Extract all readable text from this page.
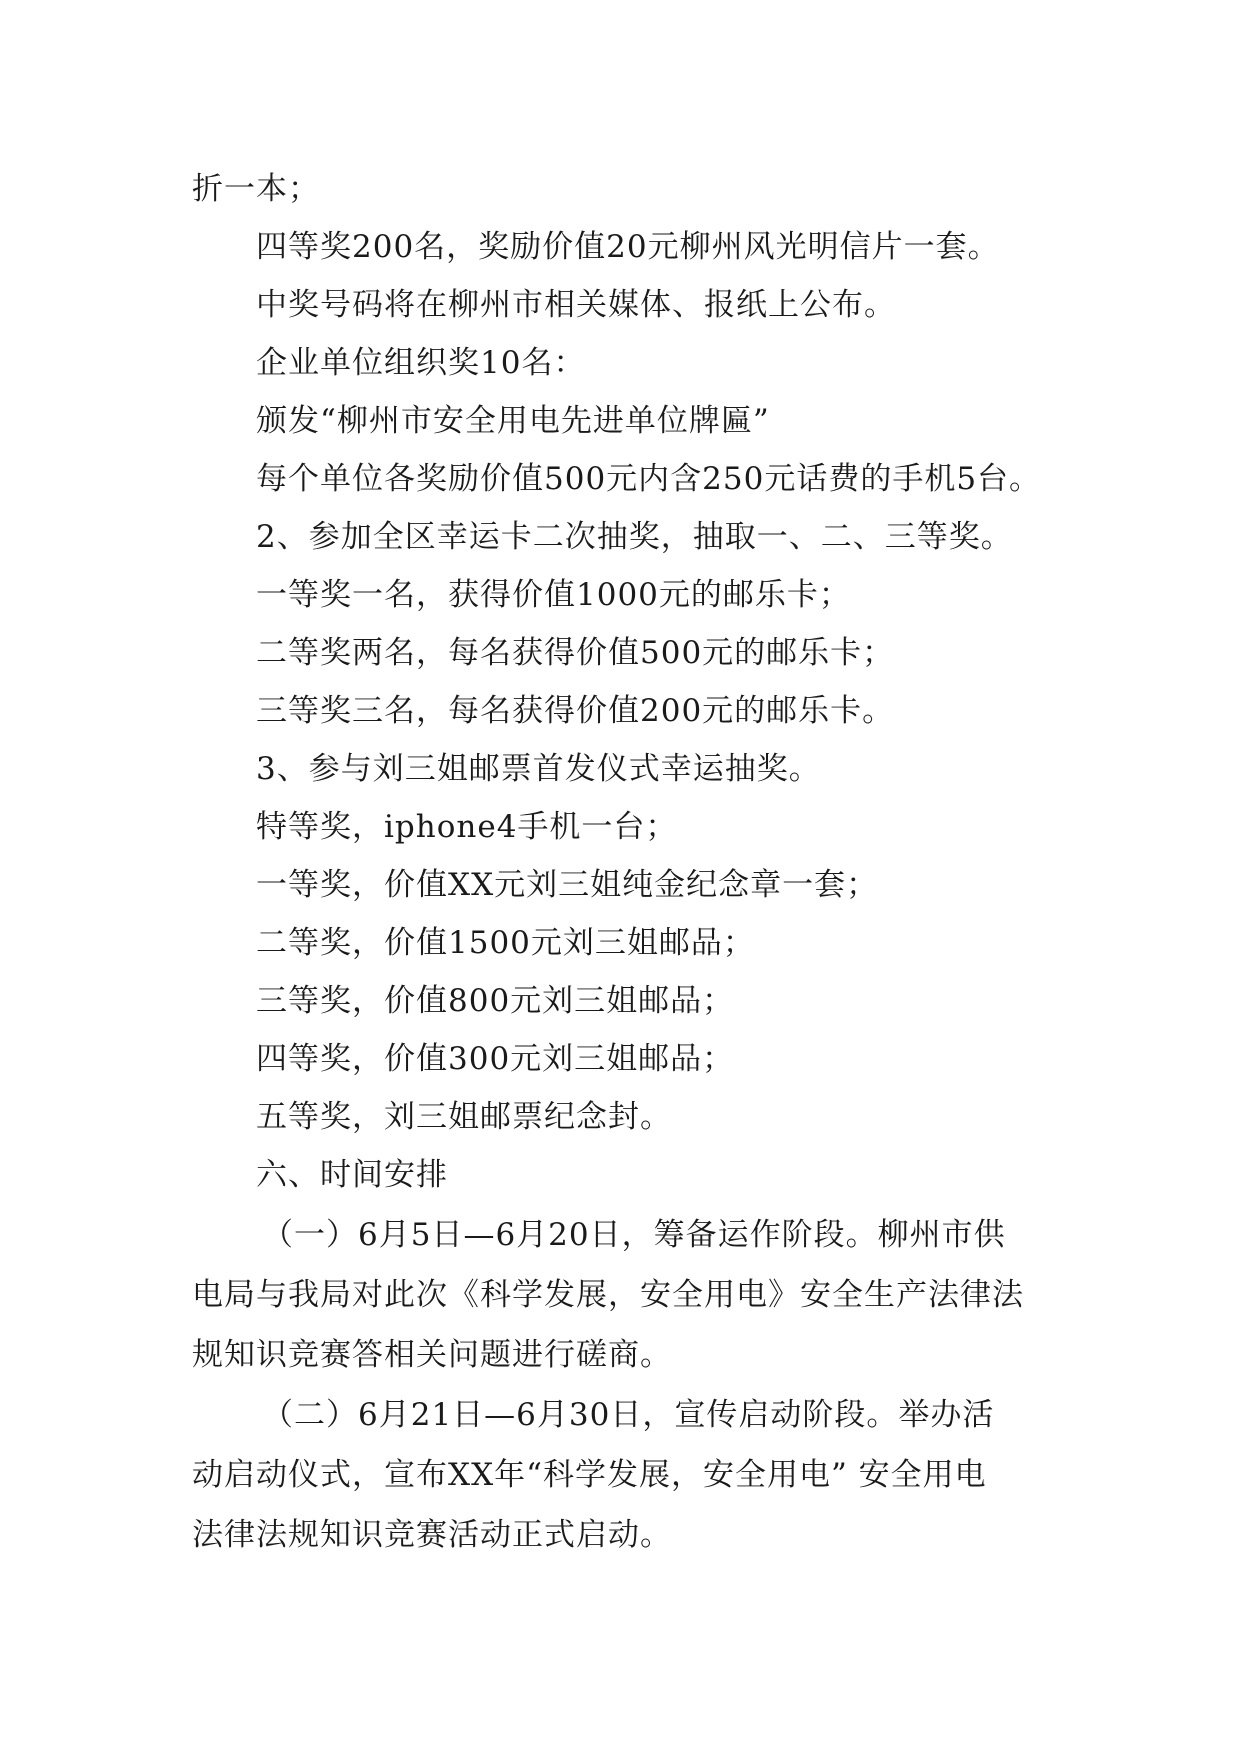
折一本；
四等奖200名，奖励价值20元柳州风光明信片一套。
中奖号码将在柳州市相关媒体、报纸上公布。
企业单位组织奖10名：
颁发“柳州市安全用电先进单位牌匾”
每个单位各奖励价值500元内含250元话费的手机5台。
2、参加全区幸运卡二次抽奖，抽取一、二、三等奖。
一等奖一名，获得价值1000元的邮乐卡；
二等奖两名，每名获得价值500元的邮乐卡；
三等奖三名，每名获得价值200元的邮乐卡。
3、参与刘三姐邮票首发仪式幸运抽奖。
特等奖，iphone4手机一台；
一等奖，价值XX元刘三姐纯金纪念章一套；
二等奖，价值1500元刘三姐邮品；
三等奖，价值800元刘三姐邮品；
四等奖，价值300元刘三姐邮品；
五等奖，刘三姐邮票纪念封。
六、时间安排
（一）6月5日—6月20日，筹备运作阶段。柳州市供
电局与我局对此次《科学发展，安全用电》安全生产法律法
规知识竞赛答相关问题进行磋商。
（二）6月21日—6月30日，宣传启动阶段。举办活
动启动仪式，宣布XX年“科学发展，安全用电” 安全用电
法律法规知识竞赛活动正式启动。
